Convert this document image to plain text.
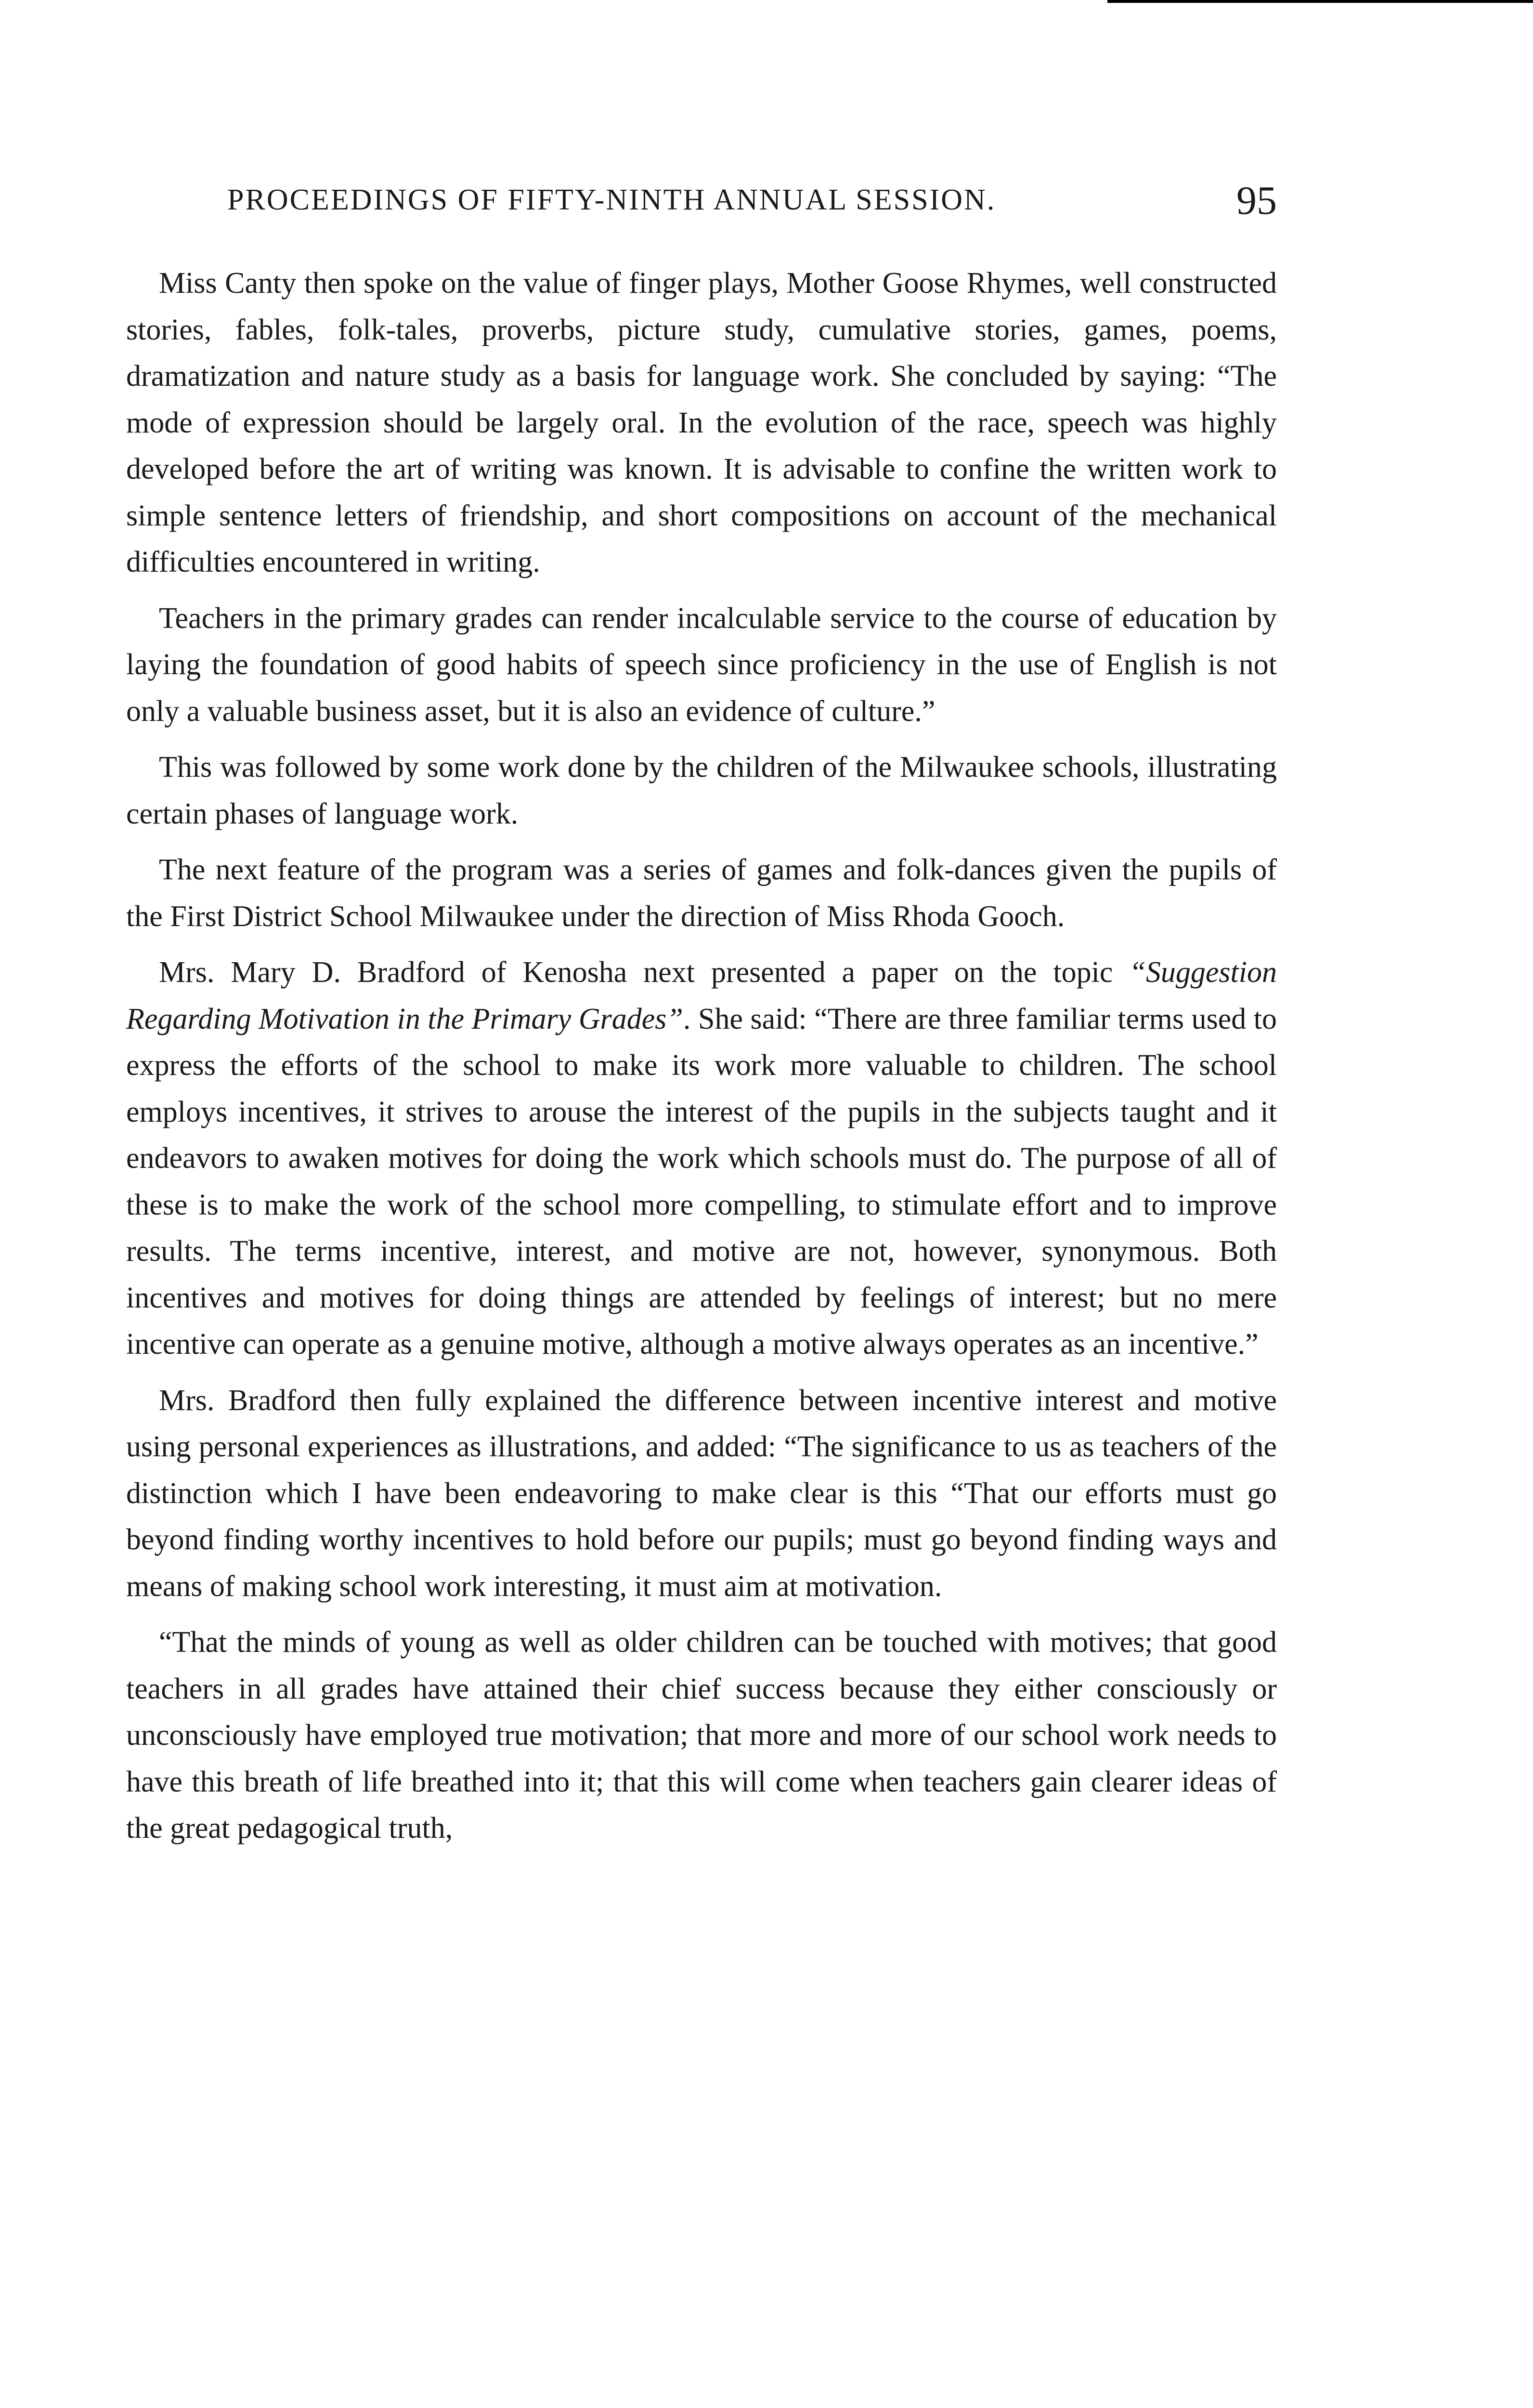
PROCEEDINGS OF FIFTY-NINTH ANNUAL SESSION.	95

Miss Canty then spoke on the value of finger plays, Mother Goose Rhymes, well constructed stories, fables, folk-tales, proverbs, picture study, cumulative stories, games, poems, dramatization and nature study as a basis for language work. She concluded by saying: “The mode of expression should be largely oral. In the evolution of the race, speech was highly developed before the art of writing was known. It is advisable to confine the written work to simple sentence letters of friendship, and short compositions on account of the mechanical difficulties encountered in writing.

Teachers in the primary grades can render incalculable service to the course of education by laying the foundation of good habits of speech since proficiency in the use of English is not only a valuable business asset, but it is also an evidence of culture.”

This was followed by some work done by the children of the Milwaukee schools, illustrating certain phases of language work.

The next feature of the program was a series of games and folk-dances given the pupils of the First District School Milwaukee under the direction of Miss Rhoda Gooch.

Mrs. Mary D. Bradford of Kenosha next presented a paper on the topic “Suggestion Regarding Motivation in the Primary Grades”. She said: “There are three familiar terms used to express the efforts of the school to make its work more valuable to children. The school employs incentives, it strives to arouse the interest of the pupils in the subjects taught and it endeavors to awaken motives for doing the work which schools must do. The purpose of all of these is to make the work of the school more compelling, to stimulate effort and to improve results. The terms incentive, interest, and motive are not, however, synonymous. Both incentives and motives for doing things are attended by feelings of interest; but no mere incentive can operate as a genuine motive, although a motive always operates as an incentive.”

Mrs. Bradford then fully explained the difference between incentive interest and motive using personal experiences as illustrations, and added: “The significance to us as teachers of the distinction which I have been endeavoring to make clear is this “That our efforts must go beyond finding worthy incentives to hold before our pupils; must go beyond finding ways and means of making school work interesting, it must aim at motivation.

“That the minds of young as well as older children can be touched with motives; that good teachers in all grades have attained their chief success because they either consciously or unconsciously have employed true motivation; that more and more of our school work needs to have this breath of life breathed into it; that this will come when teachers gain clearer ideas of the great pedagogical truth,
